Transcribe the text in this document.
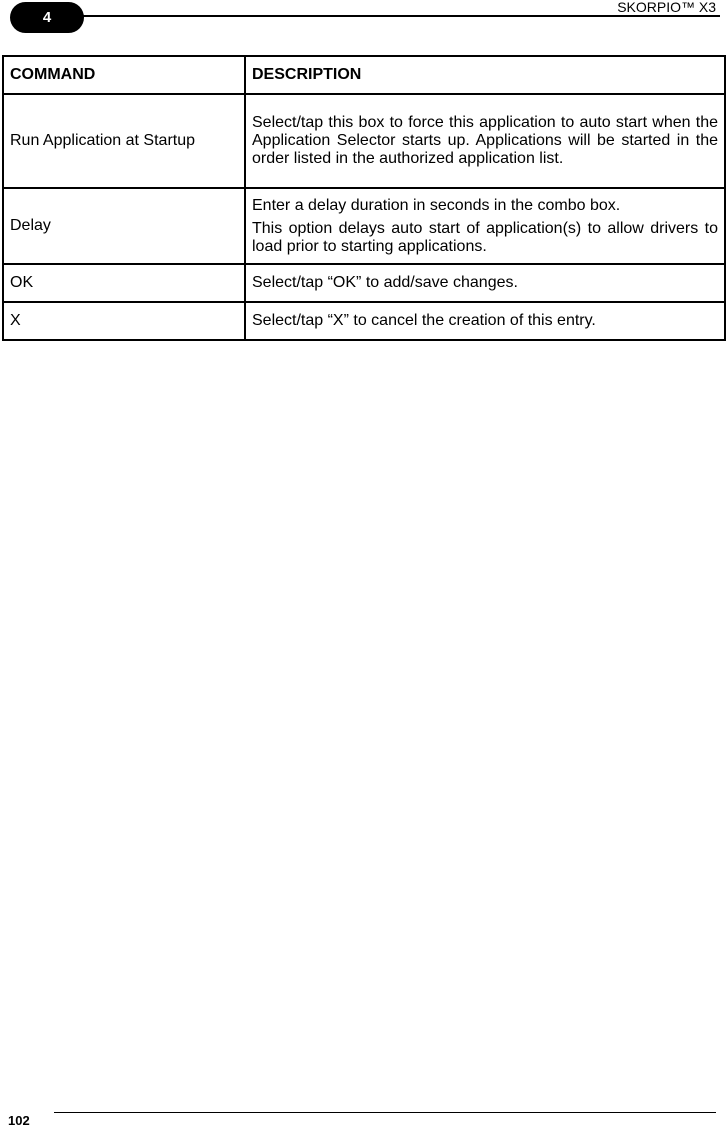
4
SKORPIO™ X3
COMMAND	DESCRIPTION
Run Application at Startup	Select/tap this box to force this application to auto start when the Application Selector starts up. Applications will be started in the order listed in the authorized application list.

Delay	Enter a delay duration in seconds in the combo box.

This option delays auto start of application(s) to allow drivers to load prior to starting applications.

OK	Select/tap “OK” to add/save changes.

X	Select/tap “X” to cancel the creation of this entry.

102
